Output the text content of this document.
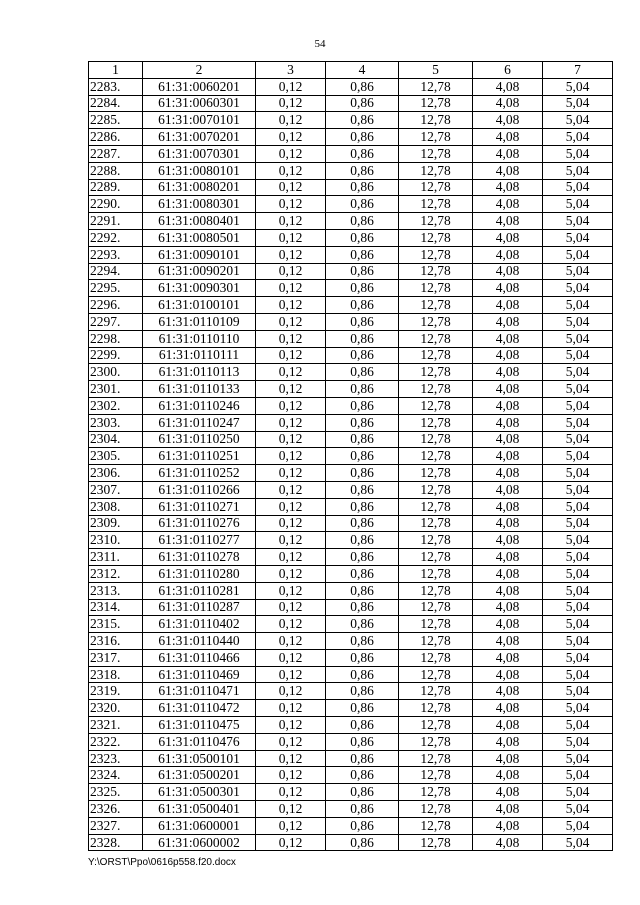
54
1	2	3	4	5	6	7
2283.	61:31:0060201	0,12	0,86	12,78	4,08	5,04
2284.	61:31:0060301	0,12	0,86	12,78	4,08	5,04
2285.	61:31:0070101	0,12	0,86	12,78	4,08	5,04
2286.	61:31:0070201	0,12	0,86	12,78	4,08	5,04
2287.	61:31:0070301	0,12	0,86	12,78	4,08	5,04
2288.	61:31:0080101	0,12	0,86	12,78	4,08	5,04
2289.	61:31:0080201	0,12	0,86	12,78	4,08	5,04
2290.	61:31:0080301	0,12	0,86	12,78	4,08	5,04
2291.	61:31:0080401	0,12	0,86	12,78	4,08	5,04
2292.	61:31:0080501	0,12	0,86	12,78	4,08	5,04
2293.	61:31:0090101	0,12	0,86	12,78	4,08	5,04
2294.	61:31:0090201	0,12	0,86	12,78	4,08	5,04
2295.	61:31:0090301	0,12	0,86	12,78	4,08	5,04
2296.	61:31:0100101	0,12	0,86	12,78	4,08	5,04
2297.	61:31:0110109	0,12	0,86	12,78	4,08	5,04
2298.	61:31:0110110	0,12	0,86	12,78	4,08	5,04
2299.	61:31:0110111	0,12	0,86	12,78	4,08	5,04
2300.	61:31:0110113	0,12	0,86	12,78	4,08	5,04
2301.	61:31:0110133	0,12	0,86	12,78	4,08	5,04
2302.	61:31:0110246	0,12	0,86	12,78	4,08	5,04
2303.	61:31:0110247	0,12	0,86	12,78	4,08	5,04
2304.	61:31:0110250	0,12	0,86	12,78	4,08	5,04
2305.	61:31:0110251	0,12	0,86	12,78	4,08	5,04
2306.	61:31:0110252	0,12	0,86	12,78	4,08	5,04
2307.	61:31:0110266	0,12	0,86	12,78	4,08	5,04
2308.	61:31:0110271	0,12	0,86	12,78	4,08	5,04
2309.	61:31:0110276	0,12	0,86	12,78	4,08	5,04
2310.	61:31:0110277	0,12	0,86	12,78	4,08	5,04
2311.	61:31:0110278	0,12	0,86	12,78	4,08	5,04
2312.	61:31:0110280	0,12	0,86	12,78	4,08	5,04
2313.	61:31:0110281	0,12	0,86	12,78	4,08	5,04
2314.	61:31:0110287	0,12	0,86	12,78	4,08	5,04
2315.	61:31:0110402	0,12	0,86	12,78	4,08	5,04
2316.	61:31:0110440	0,12	0,86	12,78	4,08	5,04
2317.	61:31:0110466	0,12	0,86	12,78	4,08	5,04
2318.	61:31:0110469	0,12	0,86	12,78	4,08	5,04
2319.	61:31:0110471	0,12	0,86	12,78	4,08	5,04
2320.	61:31:0110472	0,12	0,86	12,78	4,08	5,04
2321.	61:31:0110475	0,12	0,86	12,78	4,08	5,04
2322.	61:31:0110476	0,12	0,86	12,78	4,08	5,04
2323.	61:31:0500101	0,12	0,86	12,78	4,08	5,04
2324.	61:31:0500201	0,12	0,86	12,78	4,08	5,04
2325.	61:31:0500301	0,12	0,86	12,78	4,08	5,04
2326.	61:31:0500401	0,12	0,86	12,78	4,08	5,04
2327.	61:31:0600001	0,12	0,86	12,78	4,08	5,04
2328.	61:31:0600002	0,12	0,86	12,78	4,08	5,04
Y:\ORST\Ppo\0616p558.f20.docx
